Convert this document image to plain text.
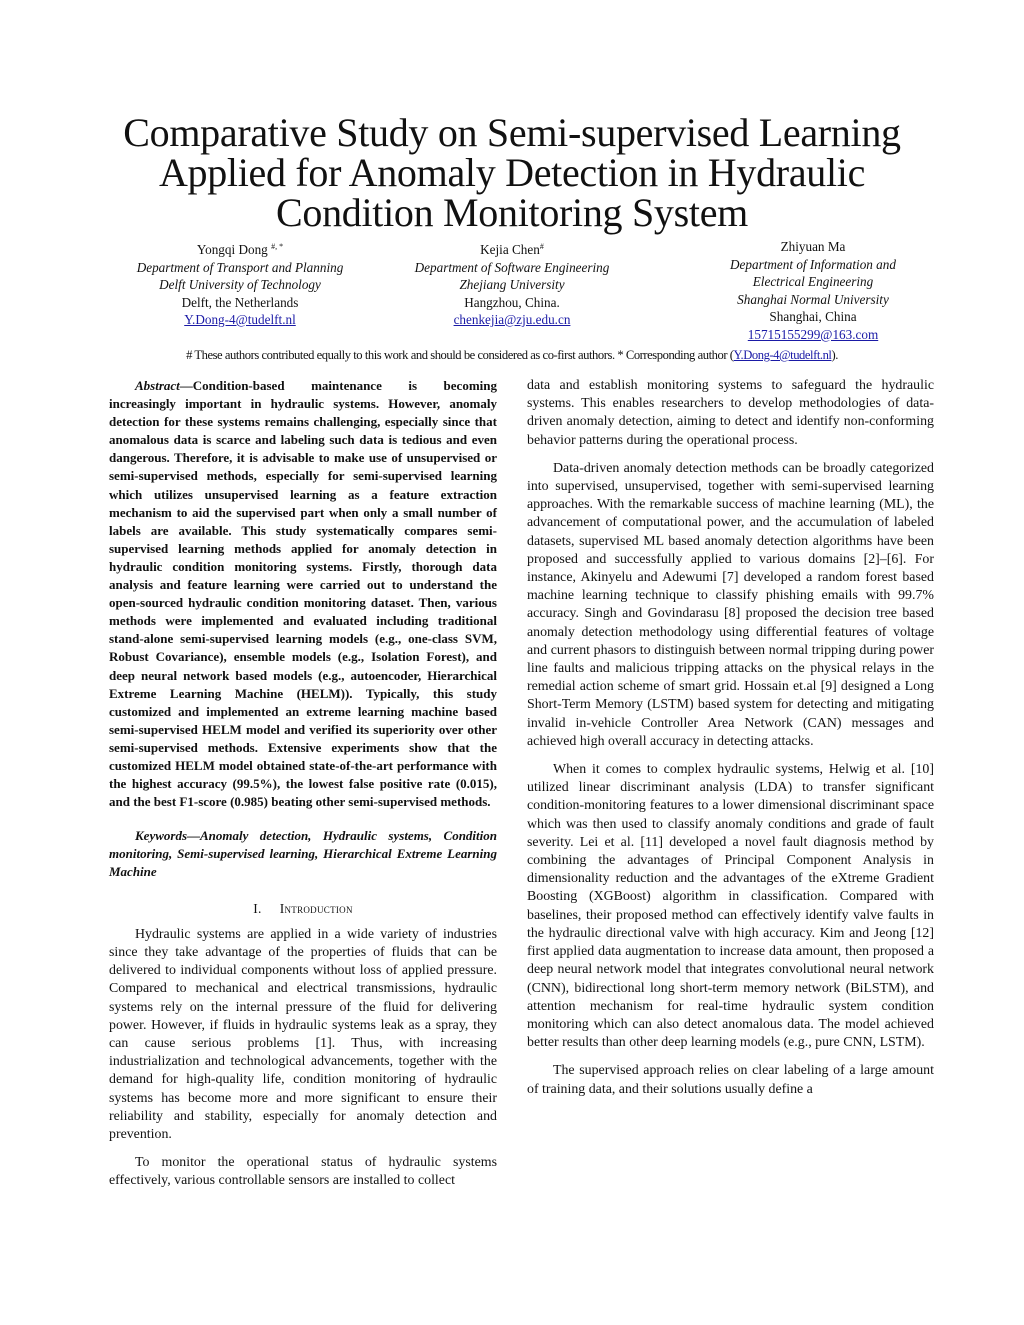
Comparative Study on Semi-supervised Learning
Applied for Anomaly Detection in Hydraulic
Condition Monitoring System
Yongqi Dong #, *
Department of Transport and Planning
Delft University of Technology
Delft, the Netherlands
Y.Dong-4@tudelft.nl
Kejia Chen#
Department of Software Engineering
Zhejiang University
Hangzhou, China.
chenkejia@zju.edu.cn
Zhiyuan Ma
Department of Information and
Electrical Engineering
Shanghai Normal University
Shanghai, China
15715155299@163.com
# These authors contributed equally to this work and should be considered as co-first authors. * Corresponding author (Y.Dong-4@tudelft.nl).

Abstract—Condition-based maintenance is becoming increasingly important in hydraulic systems. However, anomaly detection for these systems remains challenging, especially since that anomalous data is scarce and labeling such data is tedious and even dangerous. Therefore, it is advisable to make use of unsupervised or semi-supervised methods, especially for semi-supervised learning which utilizes unsupervised learning as a feature extraction mechanism to aid the supervised part when only a small number of labels are available. This study systematically compares semi-supervised learning methods applied for anomaly detection in hydraulic condition monitoring systems. Firstly, thorough data analysis and feature learning were carried out to understand the open-sourced hydraulic condition monitoring dataset. Then, various methods were implemented and evaluated including traditional stand-alone semi-supervised learning models (e.g., one-class SVM, Robust Covariance), ensemble models (e.g., Isolation Forest), and deep neural network based models (e.g., autoencoder, Hierarchical Extreme Learning Machine (HELM)). Typically, this study customized and implemented an extreme learning machine based semi-supervised HELM model and verified its superiority over other semi-supervised methods. Extensive experiments show that the customized HELM model obtained state-of-the-art performance with the highest accuracy (99.5%), the lowest false positive rate (0.015), and the best F1-score (0.985) beating other semi-supervised methods.

Keywords—Anomaly detection, Hydraulic systems, Condition monitoring, Semi-supervised learning, Hierarchical Extreme Learning Machine

I. Introduction

Hydraulic systems are applied in a wide variety of industries since they take advantage of the properties of fluids that can be delivered to individual components without loss of applied pressure. Compared to mechanical and electrical transmissions, hydraulic systems rely on the internal pressure of the fluid for delivering power. However, if fluids in hydraulic systems leak as a spray, they can cause serious problems [1]. Thus, with increasing industrialization and technological advancements, together with the demand for high-quality life, condition monitoring of hydraulic systems has become more and more significant to ensure their reliability and stability, especially for anomaly detection and prevention.

To monitor the operational status of hydraulic systems effectively, various controllable sensors are installed to collect

data and establish monitoring systems to safeguard the hydraulic systems. This enables researchers to develop methodologies of data-driven anomaly detection, aiming to detect and identify non-conforming behavior patterns during the operational process.

Data-driven anomaly detection methods can be broadly categorized into supervised, unsupervised, together with semi-supervised learning approaches. With the remarkable success of machine learning (ML), the advancement of computational power, and the accumulation of labeled datasets, supervised ML based anomaly detection algorithms have been proposed and successfully applied to various domains [2]–[6]. For instance, Akinyelu and Adewumi [7] developed a random forest based machine learning technique to classify phishing emails with 99.7% accuracy. Singh and Govindarasu [8] proposed the decision tree based anomaly detection methodology using differential features of voltage and current phasors to distinguish between normal tripping during power line faults and malicious tripping attacks on the physical relays in the remedial action scheme of smart grid. Hossain et.al [9] designed a Long Short-Term Memory (LSTM) based system for detecting and mitigating invalid in-vehicle Controller Area Network (CAN) messages and achieved high overall accuracy in detecting attacks.

When it comes to complex hydraulic systems, Helwig et al. [10] utilized linear discriminant analysis (LDA) to transfer significant condition-monitoring features to a lower dimensional discriminant space which was then used to classify anomaly conditions and grade of fault severity. Lei et al. [11] developed a novel fault diagnosis method by combining the advantages of Principal Component Analysis in dimensionality reduction and the advantages of the eXtreme Gradient Boosting (XGBoost) algorithm in classification. Compared with baselines, their proposed method can effectively identify valve faults in the hydraulic directional valve with high accuracy. Kim and Jeong [12] first applied data augmentation to increase data amount, then proposed a deep neural network model that integrates convolutional neural network (CNN), bidirectional long short-term memory network (BiLSTM), and attention mechanism for real-time hydraulic system condition monitoring which can also detect anomalous data. The model achieved better results than other deep learning models (e.g., pure CNN, LSTM).

The supervised approach relies on clear labeling of a large amount of training data, and their solutions usually define a
